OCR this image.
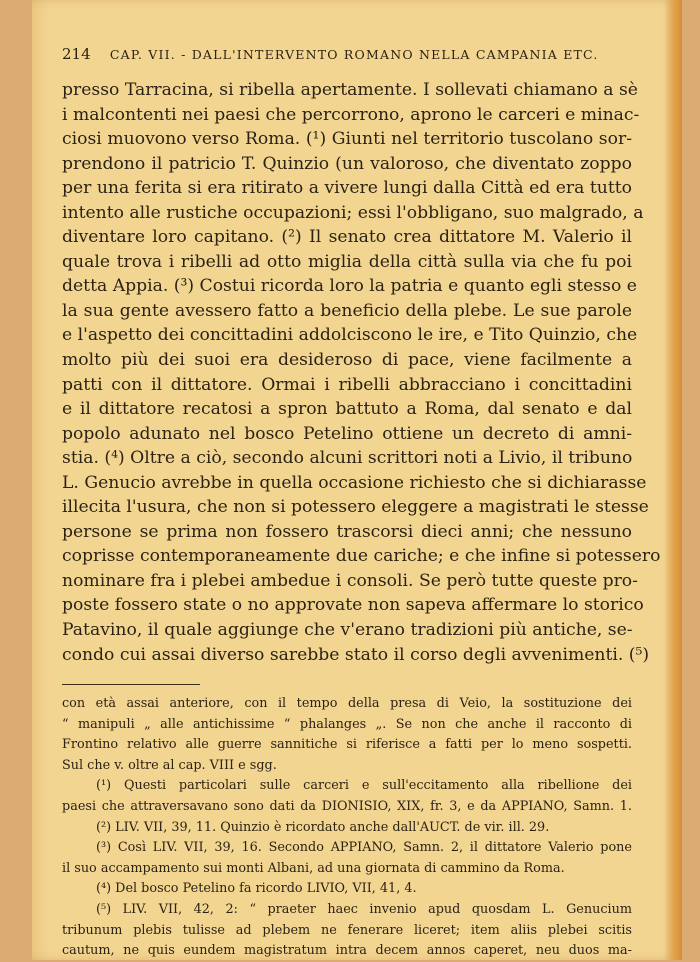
214 CAP. VII. - DALL'INTERVENTO ROMANO NELLA CAMPANIA ETC.
presso Tarracina, si ribella apertamente. I sollevati chiamano a sè
i malcontenti nei paesi che percorrono, aprono le carceri e minac-
ciosi muovono verso Roma. (¹) Giunti nel territorio tuscolano sor-
prendono il patricio T. Quinzio (un valoroso, che diventato zoppo
per una ferita si era ritirato a vivere lungi dalla Città ed era tutto
intento alle rustiche occupazioni; essi l'obbligano, suo malgrado, a
diventare loro capitano. (²) Il senato crea dittatore M. Valerio il
quale trova i ribelli ad otto miglia della città sulla via che fu poi
detta Appia. (³) Costui ricorda loro la patria e quanto egli stesso e
la sua gente avessero fatto a beneficio della plebe. Le sue parole
e l'aspetto dei concittadini addolciscono le ire, e Tito Quinzio, che
molto più dei suoi era desideroso di pace, viene facilmente a
patti con il dittatore. Ormai i ribelli abbracciano i concittadini
e il dittatore recatosi a spron battuto a Roma, dal senato e dal
popolo adunato nel bosco Petelino ottiene un decreto di amni-
stia. (⁴) Oltre a ciò, secondo alcuni scrittori noti a Livio, il tribuno
L. Genucio avrebbe in quella occasione richiesto che si dichiarasse
illecita l'usura, che non si potessero eleggere a magistrati le stesse
persone se prima non fossero trascorsi dieci anni; che nessuno
coprisse contemporaneamente due cariche; e che infine si potessero
nominare fra i plebei ambedue i consoli. Se però tutte queste pro-
poste fossero state o no approvate non sapeva affermare lo storico
Patavino, il quale aggiunge che v'erano tradizioni più antiche, se-
condo cui assai diverso sarebbe stato il corso degli avvenimenti. (⁵)
con età assai anteriore, con il tempo della presa di Veio, la sostituzione dei
“ manipuli „ alle antichissime “ phalanges „. Se non che anche il racconto di
Frontino relativo alle guerre sannitiche si riferisce a fatti per lo meno sospetti.
Sul che v. oltre al cap. VIII e sgg.
(¹) Questi particolari sulle carceri e sull'eccitamento alla ribellione dei
paesi che attraversavano sono dati da DIONISIO, XIX, fr. 3, e da APPIANO, Samn. 1.
(²) LIV. VII, 39, 11. Quinzio è ricordato anche dall'AUCT. de vir. ill. 29.
(³) Così LIV. VII, 39, 16. Secondo APPIANO, Samn. 2, il dittatore Valerio pone
il suo accampamento sui monti Albani, ad una giornata di cammino da Roma.
(⁴) Del bosco Petelino fa ricordo LIVIO, VII, 41, 4.
(⁵) LIV. VII, 42, 2: “ praeter haec invenio apud quosdam L. Genucium
tribunum plebis tulisse ad plebem ne fenerare liceret; item aliis plebei scitis
cautum, ne quis eundem magistratum intra decem annos caperet, neu duos ma-
